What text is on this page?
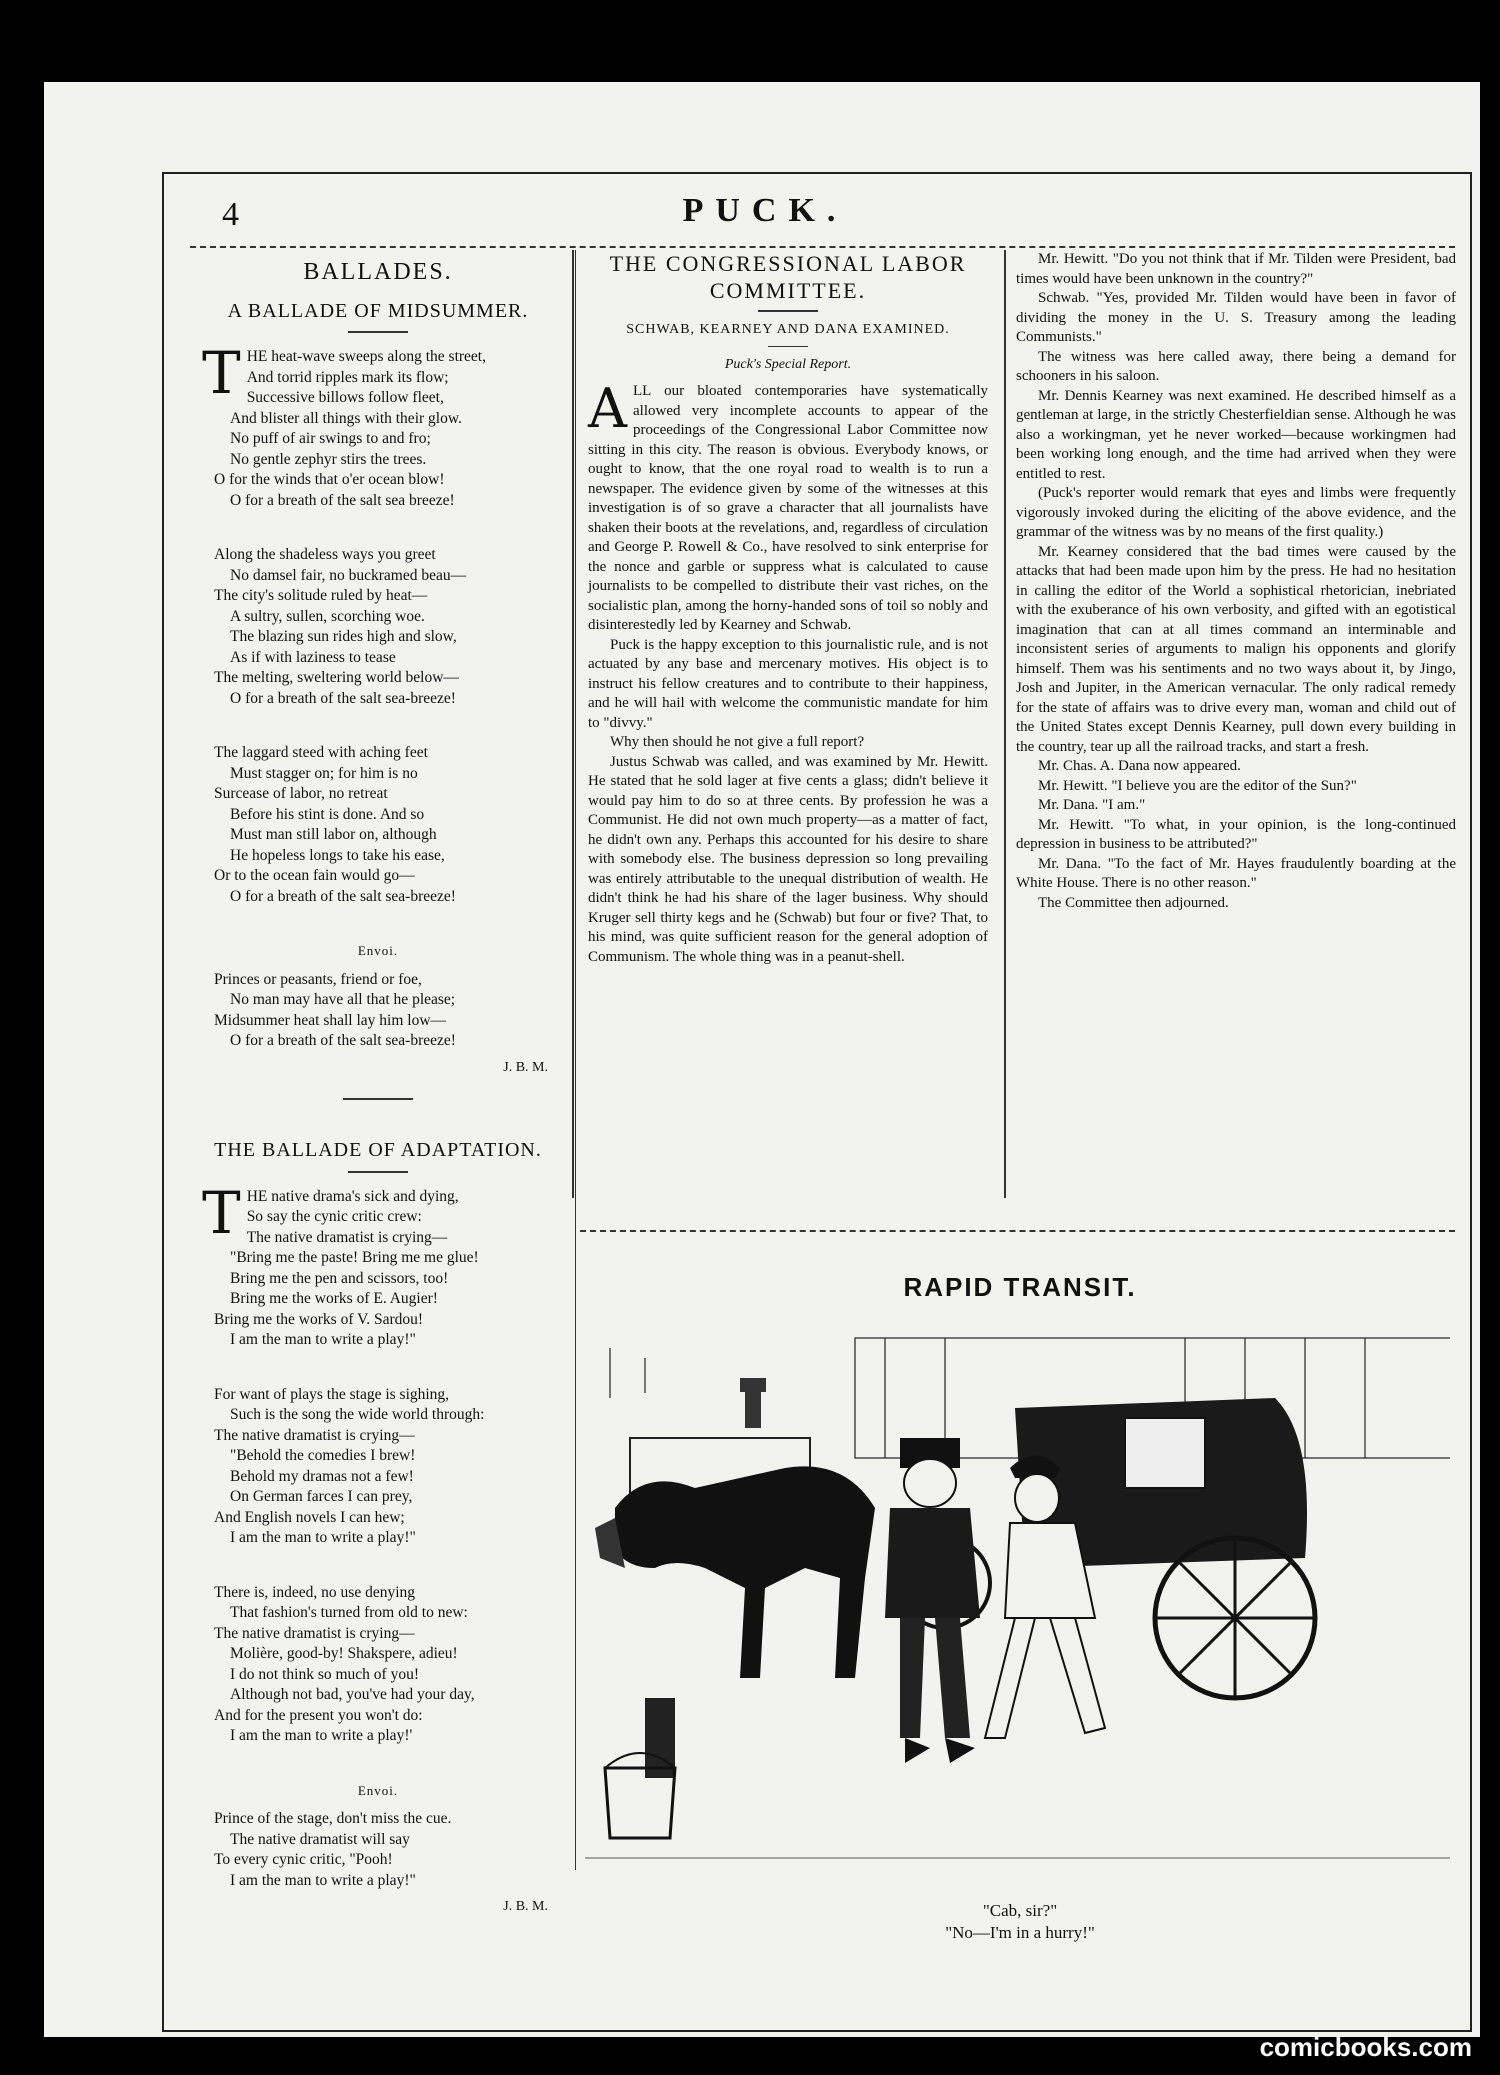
4	PUCK.
BALLADES.
A BALLADE OF MIDSUMMER.
T HE heat-wave sweeps along the street,
And torrid ripples mark its flow;
Successive billows follow fleet,
And blister all things with their glow.
No puff of air swings to and fro;
No gentle zephyr stirs the trees.
O for the winds that o'er ocean blow!
O for a breath of the salt sea breeze!
Along the shadeless ways you greet
No damsel fair, no buckramed beau—
The city's solitude ruled by heat—
A sultry, sullen, scorching woe.
The blazing sun rides high and slow,
As if with laziness to tease
The melting, sweltering world below—
O for a breath of the salt sea-breeze!
The laggard steed with aching feet
Must stagger on; for him is no
Surcease of labor, no retreat
Before his stint is done. And so
Must man still labor on, although
He hopeless longs to take his ease,
Or to the ocean fain would go—
O for a breath of the salt sea-breeze!
Envoi.
Princes or peasants, friend or foe,
No man may have all that he please;
Midsummer heat shall lay him low—
O for a breath of the salt sea-breeze!
J. B. M.
THE BALLADE OF ADAPTATION.
T HE native drama's sick and dying,
So say the cynic critic crew:
The native dramatist is crying—
"Bring me the paste! Bring me me glue!
Bring me the pen and scissors, too!
Bring me the works of E. Augier!
Bring me the works of V. Sardou!
I am the man to write a play!"
For want of plays the stage is sighing,
Such is the song the wide world through:
The native dramatist is crying—
"Behold the comedies I brew!
Behold my dramas not a few!
On German farces I can prey,
And English novels I can hew;
I am the man to write a play!"
There is, indeed, no use denying
That fashion's turned from old to new:
The native dramatist is crying—
Molière, good-by! Shakspere, adieu!
I do not think so much of you!
Although not bad, you've had your day,
And for the present you won't do:
I am the man to write a play!'
Envoi.
Prince of the stage, don't miss the cue.
The native dramatist will say
To every cynic critic, "Pooh!
I am the man to write a play!"
J. B. M.
THE CONGRESSIONAL LABOR COMMITTEE.
SCHWAB, KEARNEY AND DANA EXAMINED.
Puck's Special Report.
A LL our bloated contemporaries have systematically allowed very incomplete accounts to appear of the proceedings of the Congressional Labor Committee now sitting in this city. The reason is obvious. Everybody knows, or ought to know, that the one royal road to wealth is to run a newspaper. The evidence given by some of the witnesses at this investigation is of so grave a character that all journalists have shaken their boots at the revelations, and, regardless of circulation and George P. Rowell & Co., have resolved to sink enterprise for the nonce and garble or suppress what is calculated to cause journalists to be compelled to distribute their vast riches, on the socialistic plan, among the horny-handed sons of toil so nobly and disinterestedly led by Kearney and Schwab.

Puck is the happy exception to this journalistic rule, and is not actuated by any base and mercenary motives. His object is to instruct his fellow creatures and to contribute to their happiness, and he will hail with welcome the communistic mandate for him to "divvy."

Why then should he not give a full report?

Justus Schwab was called, and was examined by Mr. Hewitt. He stated that he sold lager at five cents a glass; didn't believe it would pay him to do so at three cents. By profession he was a Communist. He did not own much property—as a matter of fact, he didn't own any. Perhaps this accounted for his desire to share with somebody else. The business depression so long prevailing was entirely attributable to the unequal distribution of wealth. He didn't think he had his share of the lager business. Why should Kruger sell thirty kegs and he (Schwab) but four or five? That, to his mind, was quite sufficient reason for the general adoption of Communism. The whole thing was in a peanut-shell.

Mr. Hewitt. "Do you not think that if Mr. Tilden were President, bad times would have been unknown in the country?"

Schwab. "Yes, provided Mr. Tilden would have been in favor of dividing the money in the U. S. Treasury among the leading Communists."

The witness was here called away, there being a demand for schooners in his saloon.

Mr. Dennis Kearney was next examined. He described himself as a gentleman at large, in the strictly Chesterfieldian sense. Although he was also a workingman, yet he never worked—because workingmen had been working long enough, and the time had arrived when they were entitled to rest.

(Puck's reporter would remark that eyes and limbs were frequently vigorously invoked during the eliciting of the above evidence, and the grammar of the witness was by no means of the first quality.)

Mr. Kearney considered that the bad times were caused by the attacks that had been made upon him by the press. He had no hesitation in calling the editor of the World a sophistical rhetorician, inebriated with the exuberance of his own verbosity, and gifted with an egotistical imagination that can at all times command an interminable and inconsistent series of arguments to malign his opponents and glorify himself. Them was his sentiments and no two ways about it, by Jingo, Josh and Jupiter, in the American vernacular. The only radical remedy for the state of affairs was to drive every man, woman and child out of the United States except Dennis Kearney, pull down every building in the country, tear up all the railroad tracks, and start a fresh.

Mr. Chas. A. Dana now appeared.

Mr. Hewitt. "I believe you are the editor of the Sun?"

Mr. Dana. "I am."

Mr. Hewitt. "To what, in your opinion, is the long-continued depression in business to be attributed?"

Mr. Dana. "To the fact of Mr. Hayes fraudulently boarding at the White House. There is no other reason."

The Committee then adjourned.

RAPID TRANSIT.
"Cab, sir?"
"No—I'm in a hurry!"
comicbooks.com
